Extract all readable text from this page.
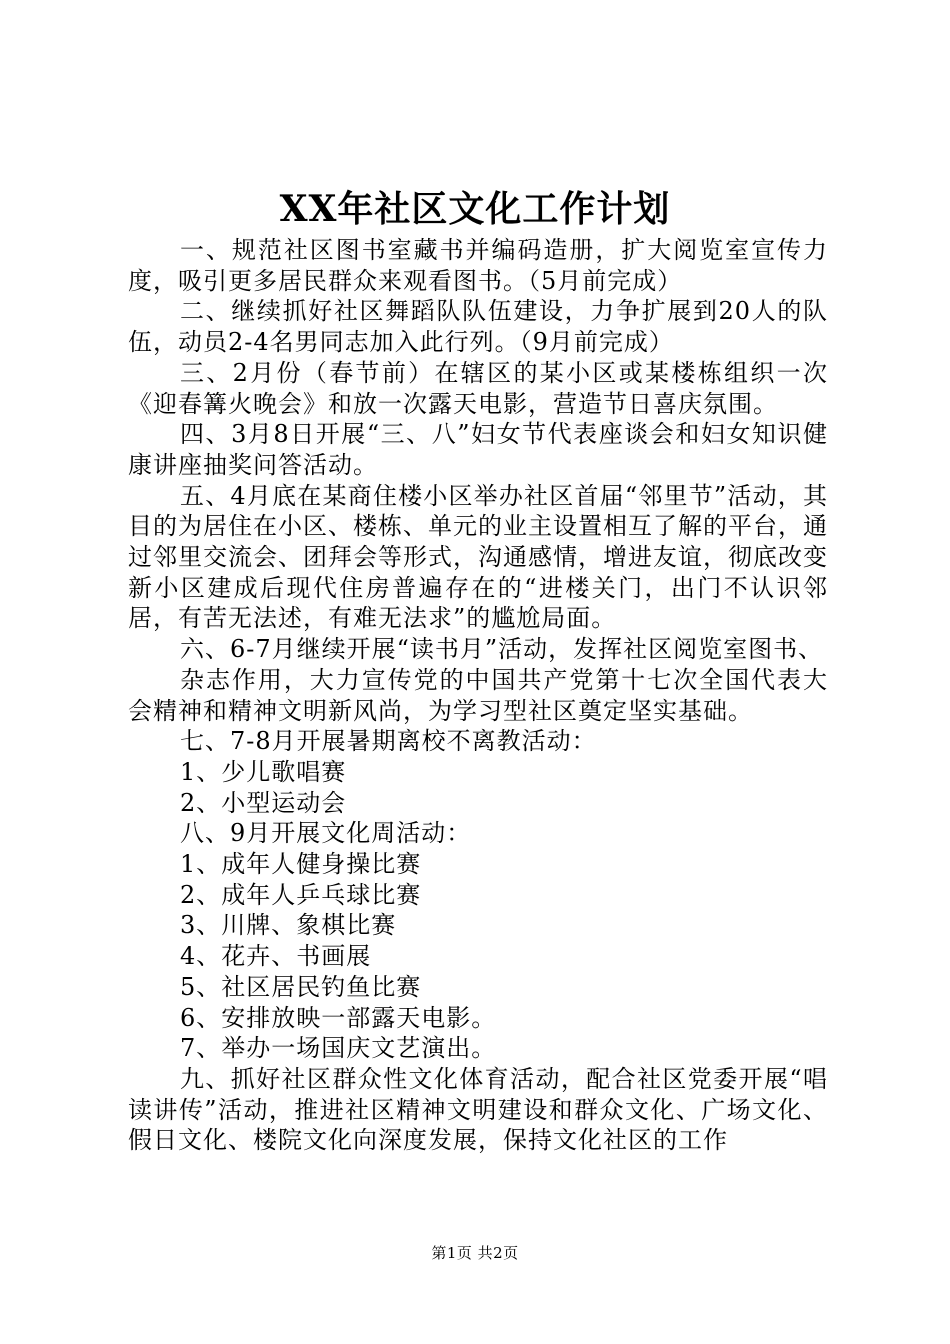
XX年社区文化工作计划

一、规范社区图书室藏书并编码造册，扩大阅览室宣传力度，吸引更多居民群众来观看图书。（5月前完成）

二、继续抓好社区舞蹈队队伍建设，力争扩展到20人的队伍，动员2-4名男同志加入此行列。（9月前完成）

三、2月份（春节前）在辖区的某小区或某楼栋组织一次《迎春篝火晚会》和放一次露天电影，营造节日喜庆氛围。

四、3月8日开展“三、八”妇女节代表座谈会和妇女知识健康讲座抽奖问答活动。

五、4月底在某商住楼小区举办社区首届“邻里节”活动，其目的为居住在小区、楼栋、单元的业主设置相互了解的平台，通过邻里交流会、团拜会等形式，沟通感情，增进友谊，彻底改变新小区建成后现代住房普遍存在的“进楼关门，出门不认识邻居，有苦无法述，有难无法求”的尴尬局面。

六、6-7月继续开展“读书月”活动，发挥社区阅览室图书、

杂志作用，大力宣传党的中国共产党第十七次全国代表大会精神和精神文明新风尚，为学习型社区奠定坚实基础。

七、7-8月开展暑期离校不离教活动：

1、少儿歌唱赛

2、小型运动会

八、9月开展文化周活动：

1、成年人健身操比赛

2、成年人乒乓球比赛

3、川牌、象棋比赛

4、花卉、书画展

5、社区居民钓鱼比赛

6、安排放映一部露天电影。

7、举办一场国庆文艺演出。

九、抓好社区群众性文化体育活动，配合社区党委开展“唱读讲传”活动，推进社区精神文明建设和群众文化、广场文化、假日文化、楼院文化向深度发展，保持文化社区的工作

第1页 共2页
